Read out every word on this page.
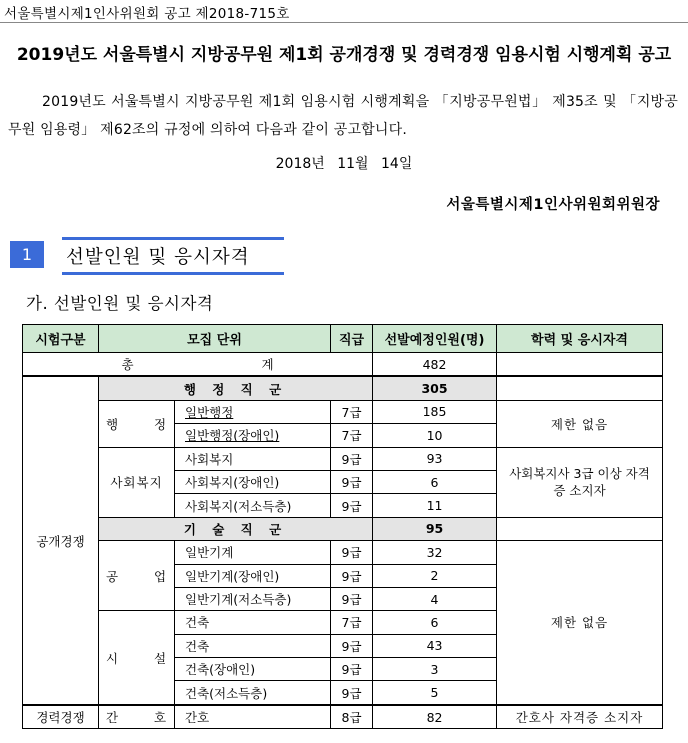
서울특별시제1인사위원회 공고 제2018-715호
2019년도 서울특별시 지방공무원 제1회 공개경쟁 및 경력경쟁 임용시험 시행계획 공고
2019년도 서울특별시 지방공무원 제1회 임용시험 시행계획을 「지방공무원법」 제35조 및 「지방공무원 임용령」 제62조의 규정에 의하여 다음과 같이 공고합니다.
2018년 11월 14일
서울특별시제1인사위원회위원장
1	선발인원 및 응시자격
가. 선발인원 및 응시자격
시험구분	모집 단위		직급	선발예정인원(명)	학력 및 응시자격
총 계				482	
공개경쟁	행 정 직 군			305	
	행 정	일반행정	7급	185	제한 없음
		일반행정(장애인)	7급	10	
	사회복지	사회복지	9급	93	사회복지사 3급 이상 자격증 소지자
		사회복지(장애인)	9급	6	
		사회복지(저소득층)	9급	11	
	기 술 직 군			95	
	공 업	일반기계	9급	32	제한 없음
		일반기계(장애인)	9급	2	
		일반기계(저소득층)	9급	4	
	시 설	건축	7급	6	
		건축	9급	43	
		건축(장애인)	9급	3	
		건축(저소득층)	9급	5	
경력경쟁	간 호	간호	8급	82	간호사 자격증 소지자
